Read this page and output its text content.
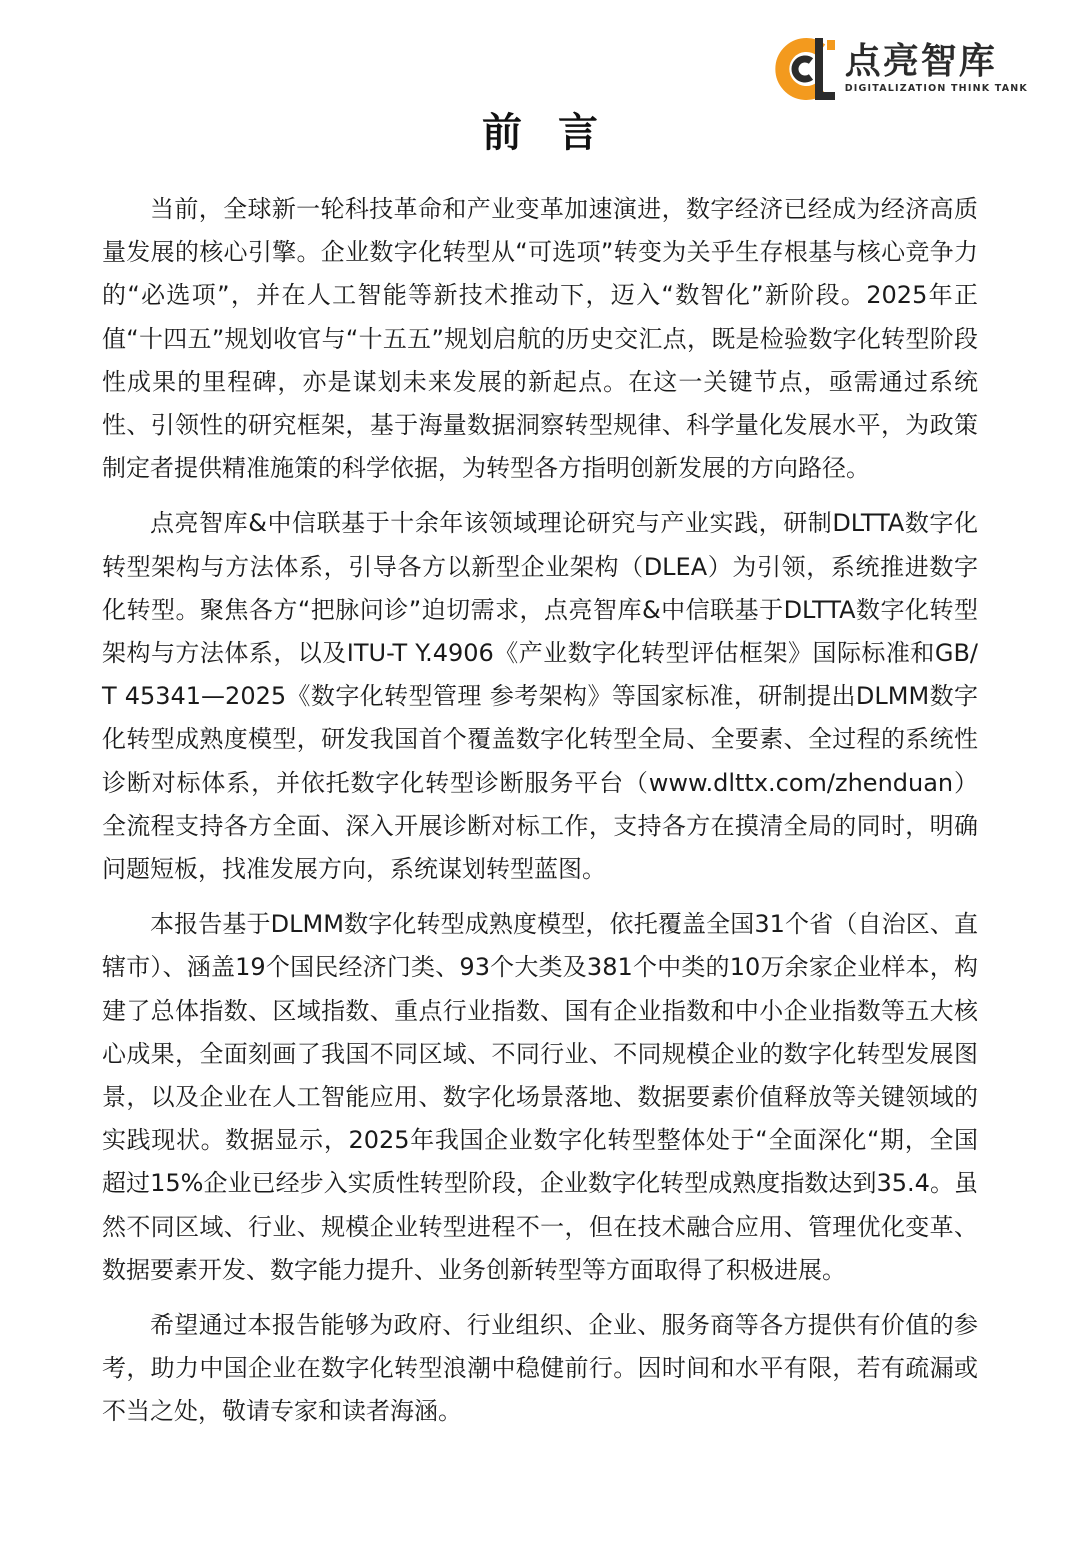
点亮智库
DIGITALIZATION THINK TANK
前言

当前，全球新一轮科技革命和产业变革加速演进，数字经济已经成为经济高质量发展的核心引擎。企业数字化转型从“可选项”转变为关乎生存根基与核心竞争力的“必选项”，并在人工智能等新技术推动下，迈入“数智化”新阶段。2025年正值“十四五”规划收官与“十五五”规划启航的历史交汇点，既是检验数字化转型阶段性成果的里程碑，亦是谋划未来发展的新起点。在这一关键节点，亟需通过系统性、引领性的研究框架，基于海量数据洞察转型规律、科学量化发展水平，为政策制定者提供精准施策的科学依据，为转型各方指明创新发展的方向路径。

点亮智库&中信联基于十余年该领域理论研究与产业实践，研制DLTTA数字化转型架构与方法体系，引导各方以新型企业架构（DLEA）为引领，系统推进数字化转型。聚焦各方“把脉问诊”迫切需求，点亮智库&中信联基于DLTTA数字化转型架构与方法体系，以及ITU-T Y.4906《产业数字化转型评估框架》国际标准和GB/T 45341—2025《数字化转型管理 参考架构》等国家标准，研制提出DLMM数字化转型成熟度模型，研发我国首个覆盖数字化转型全局、全要素、全过程的系统性诊断对标体系，并依托数字化转型诊断服务平台（www.dlttx.com/zhenduan）全流程支持各方全面、深入开展诊断对标工作，支持各方在摸清全局的同时，明确问题短板，找准发展方向，系统谋划转型蓝图。

本报告基于DLMM数字化转型成熟度模型，依托覆盖全国31个省（自治区、直辖市）、涵盖19个国民经济门类、93个大类及381个中类的10万余家企业样本，构建了总体指数、区域指数、重点行业指数、国有企业指数和中小企业指数等五大核心成果，全面刻画了我国不同区域、不同行业、不同规模企业的数字化转型发展图景，以及企业在人工智能应用、数字化场景落地、数据要素价值释放等关键领域的实践现状。数据显示，2025年我国企业数字化转型整体处于“全面深化“期，全国超过15%企业已经步入实质性转型阶段，企业数字化转型成熟度指数达到35.4。虽然不同区域、行业、规模企业转型进程不一，但在技术融合应用、管理优化变革、数据要素开发、数字能力提升、业务创新转型等方面取得了积极进展。

希望通过本报告能够为政府、行业组织、企业、服务商等各方提供有价值的参考，助力中国企业在数字化转型浪潮中稳健前行。因时间和水平有限，若有疏漏或不当之处，敬请专家和读者海涵。
